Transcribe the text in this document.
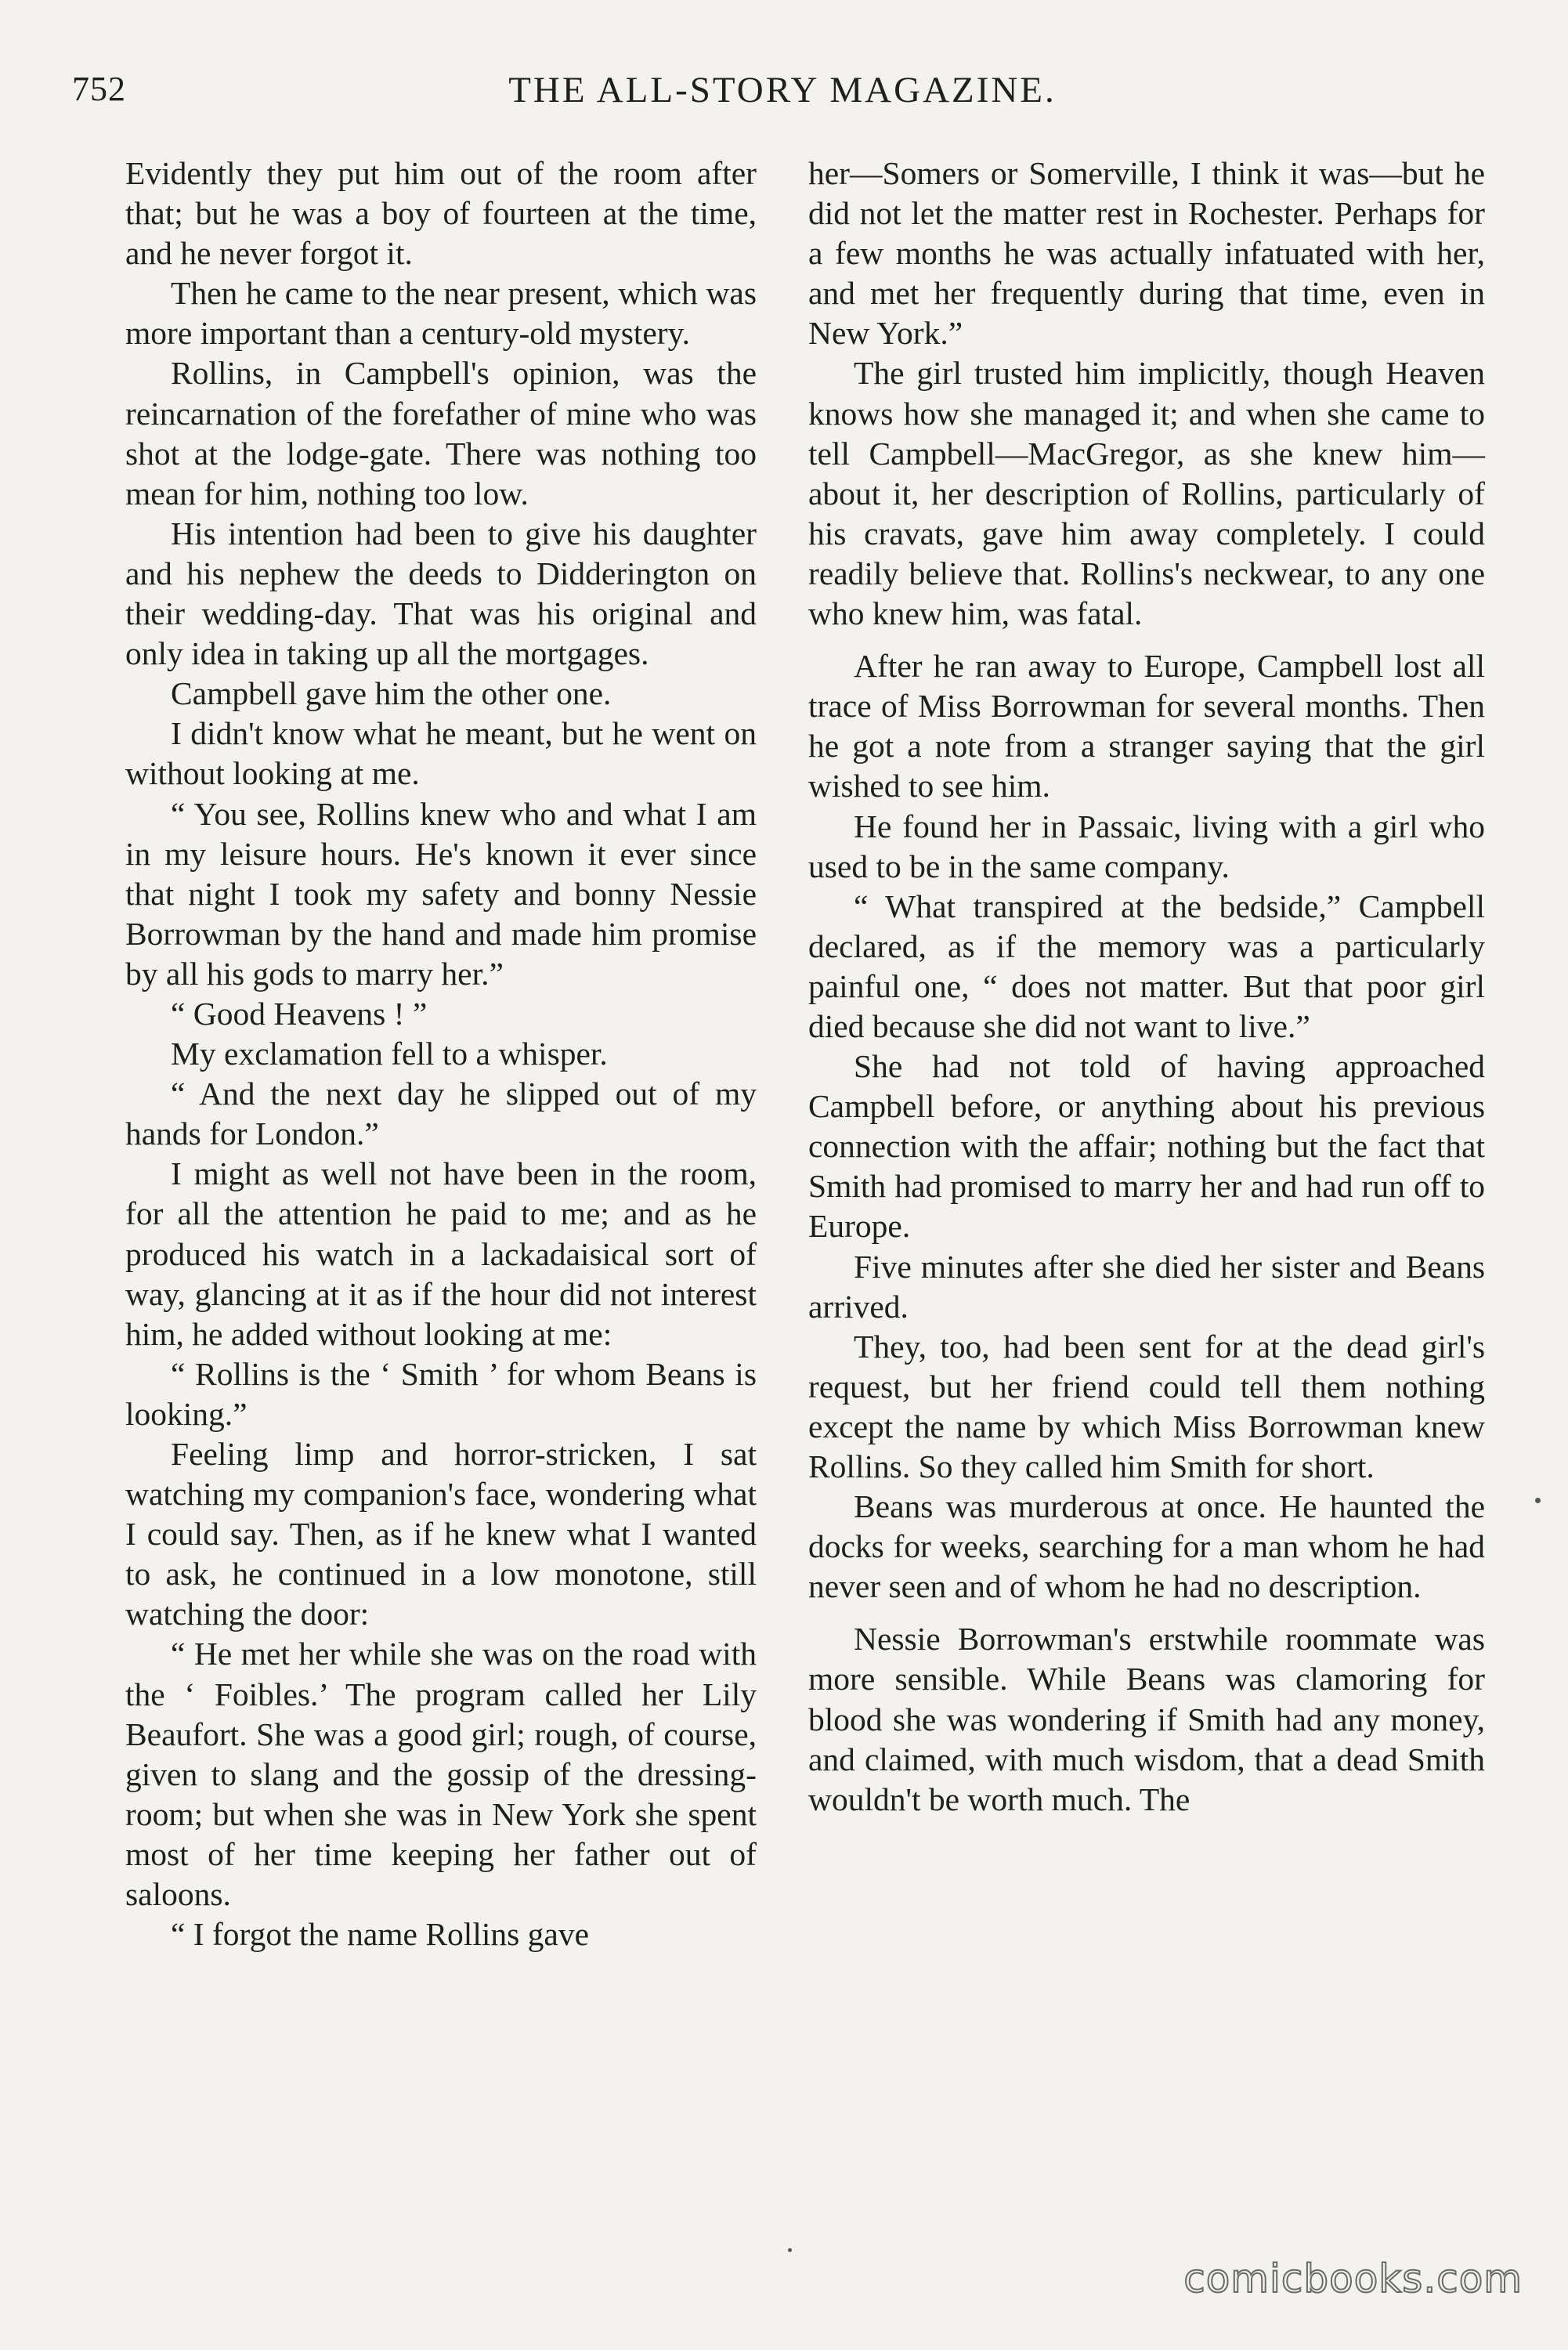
752	THE ALL-STORY MAGAZINE.

Evidently they put him out of the room after that; but he was a boy of fourteen at the time, and he never forgot it.

Then he came to the near present, which was more important than a century-old mystery.

Rollins, in Campbell's opinion, was the reincarnation of the forefather of mine who was shot at the lodge-gate. There was nothing too mean for him, nothing too low.

His intention had been to give his daughter and his nephew the deeds to Didderington on their wedding-day. That was his original and only idea in taking up all the mortgages.

Campbell gave him the other one.

I didn't know what he meant, but he went on without looking at me.

“ You see, Rollins knew who and what I am in my leisure hours. He's known it ever since that night I took my safety and bonny Nessie Borrowman by the hand and made him promise by all his gods to marry her.”

“ Good Heavens ! ”

My exclamation fell to a whisper.

“ And the next day he slipped out of my hands for London.”

I might as well not have been in the room, for all the attention he paid to me; and as he produced his watch in a lackadaisical sort of way, glancing at it as if the hour did not interest him, he added without looking at me:

“ Rollins is the ‘ Smith ’ for whom Beans is looking.”

Feeling limp and horror-stricken, I sat watching my companion's face, wondering what I could say. Then, as if he knew what I wanted to ask, he continued in a low monotone, still watching the door:

“ He met her while she was on the road with the ‘ Foibles.’ The program called her Lily Beaufort. She was a good girl; rough, of course, given to slang and the gossip of the dressing-room; but when she was in New York she spent most of her time keeping her father out of saloons.

“ I forgot the name Rollins gave

her—Somers or Somerville, I think it was—but he did not let the matter rest in Rochester. Perhaps for a few months he was actually infatuated with her, and met her frequently during that time, even in New York.”

The girl trusted him implicitly, though Heaven knows how she managed it; and when she came to tell Campbell—MacGregor, as she knew him—about it, her description of Rollins, particularly of his cravats, gave him away completely. I could readily believe that. Rollins's neckwear, to any one who knew him, was fatal.

After he ran away to Europe, Campbell lost all trace of Miss Borrowman for several months. Then he got a note from a stranger saying that the girl wished to see him.

He found her in Passaic, living with a girl who used to be in the same company.

“ What transpired at the bedside,” Campbell declared, as if the memory was a particularly painful one, “ does not matter. But that poor girl died because she did not want to live.”

She had not told of having approached Campbell before, or anything about his previous connection with the affair; nothing but the fact that Smith had promised to marry her and had run off to Europe.

Five minutes after she died her sister and Beans arrived.

They, too, had been sent for at the dead girl's request, but her friend could tell them nothing except the name by which Miss Borrowman knew Rollins. So they called him Smith for short.

Beans was murderous at once. He haunted the docks for weeks, searching for a man whom he had never seen and of whom he had no description.

Nessie Borrowman's erstwhile roommate was more sensible. While Beans was clamoring for blood she was wondering if Smith had any money, and claimed, with much wisdom, that a dead Smith wouldn't be worth much. The

comicbooks.com
